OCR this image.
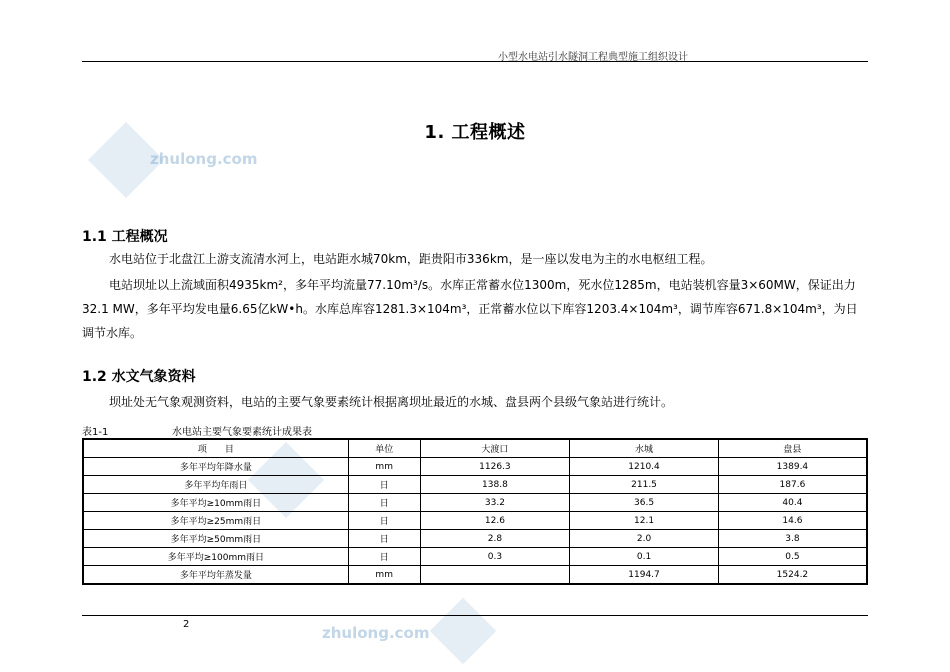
zhulong.com
zhulong.com
小型水电站引水隧洞工程典型施工组织设计
1. 工程概述
1.1 工程概况
水电站位于北盘江上游支流清水河上，电站距水城70km，距贵阳市336km，是一座以发电为主的水电枢纽工程。
电站坝址以上流域面积4935km²，多年平均流量77.10m³/s。水库正常蓄水位1300m，死水位1285m，电站装机容量3×60MW，保证出力32.1 MW，多年平均发电量6.65亿kW•h。水库总库容1281.3×104m³，正常蓄水位以下库容1203.4×104m³，调节库容671.8×104m³，为日调节水库。
1.2 水文气象资料
坝址处无气象观测资料，电站的主要气象要素统计根据离坝址最近的水城、盘县两个县级气象站进行统计。
表1-1	水电站主要气象要素统计成果表
项　　目	单位	大渡口	水城	盘县
多年平均年降水量	mm	1126.3	1210.4	1389.4
多年平均年雨日	日	138.8	211.5	187.6
多年平均≥10mm雨日	日	33.2	36.5	40.4
多年平均≥25mm雨日	日	12.6	12.1	14.6
多年平均≥50mm雨日	日	2.8	2.0	3.8
多年平均≥100mm雨日	日	0.3	0.1	0.5
多年平均年蒸发量	mm		1194.7	1524.2
2
